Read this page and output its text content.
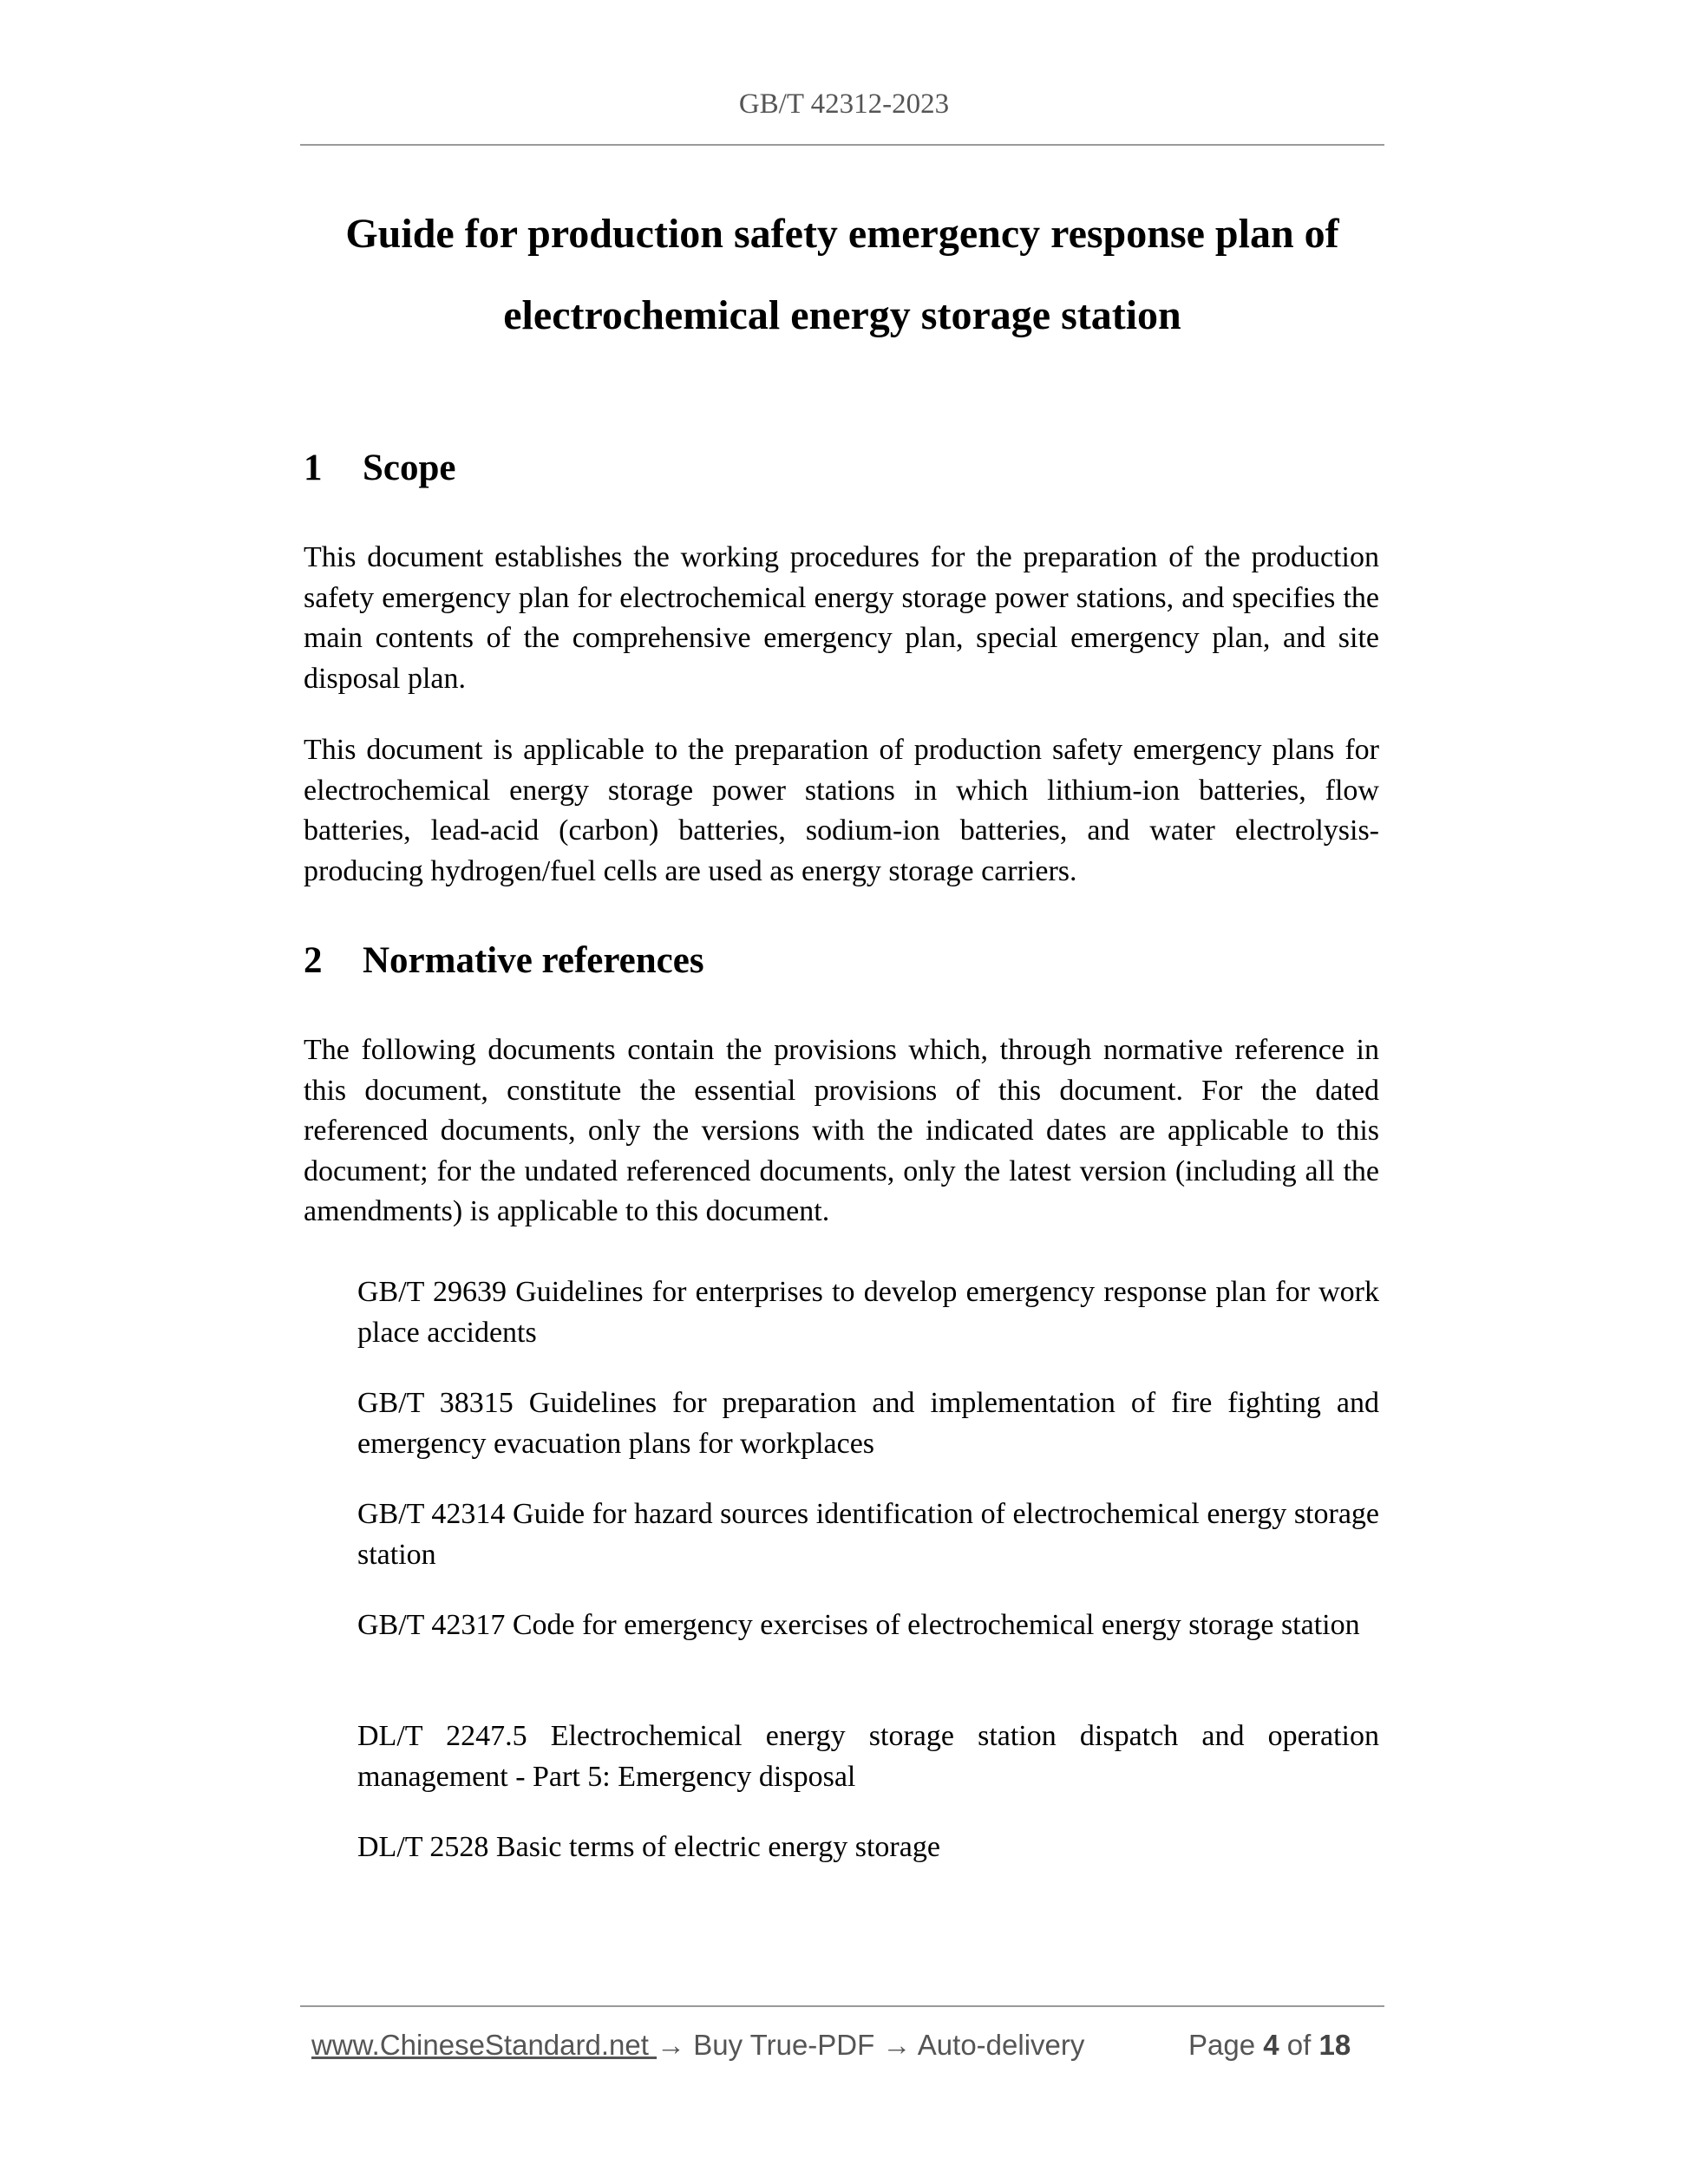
GB/T 42312-2023
Guide for production safety emergency response plan of
electrochemical energy storage station
1 Scope

This document establishes the working procedures for the preparation of the production safety emergency plan for electrochemical energy storage power stations, and specifies the main contents of the comprehensive emergency plan, special emergency plan, and site disposal plan.

This document is applicable to the preparation of production safety emergency plans for electrochemical energy storage power stations in which lithium-ion batteries, flow batteries, lead-acid (carbon) batteries, sodium-ion batteries, and water electrolysis-producing hydrogen/fuel cells are used as energy storage carriers.

2 Normative references

The following documents contain the provisions which, through normative reference in this document, constitute the essential provisions of this document. For the dated referenced documents, only the versions with the indicated dates are applicable to this document; for the undated referenced documents, only the latest version (including all the amendments) is applicable to this document.

GB/T 29639 Guidelines for enterprises to develop emergency response plan for work place accidents

GB/T 38315 Guidelines for preparation and implementation of fire fighting and emergency evacuation plans for workplaces

GB/T 42314 Guide for hazard sources identification of electrochemical energy storage station

GB/T 42317 Code for emergency exercises of electrochemical energy storage station

DL/T 2247.5 Electrochemical energy storage station dispatch and operation management - Part 5: Emergency disposal

DL/T 2528 Basic terms of electric energy storage

www.ChineseStandard.net → Buy True-PDF → Auto-delivery	Page 4 of 18
